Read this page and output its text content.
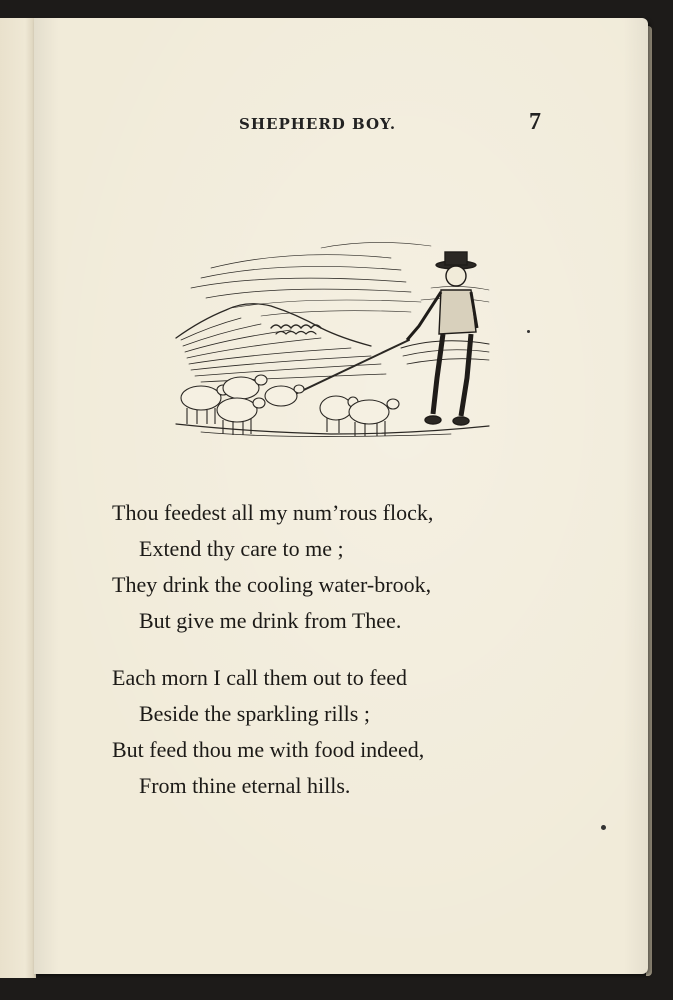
SHEPHERD BOY.	7
Thou feedest all my num’rous flock,
Extend thy care to me ;
They drink the cooling water-brook,
But give me drink from Thee.
Each morn I call them out to feed
Beside the sparkling rills ;
But feed thou me with food indeed,
From thine eternal hills.
